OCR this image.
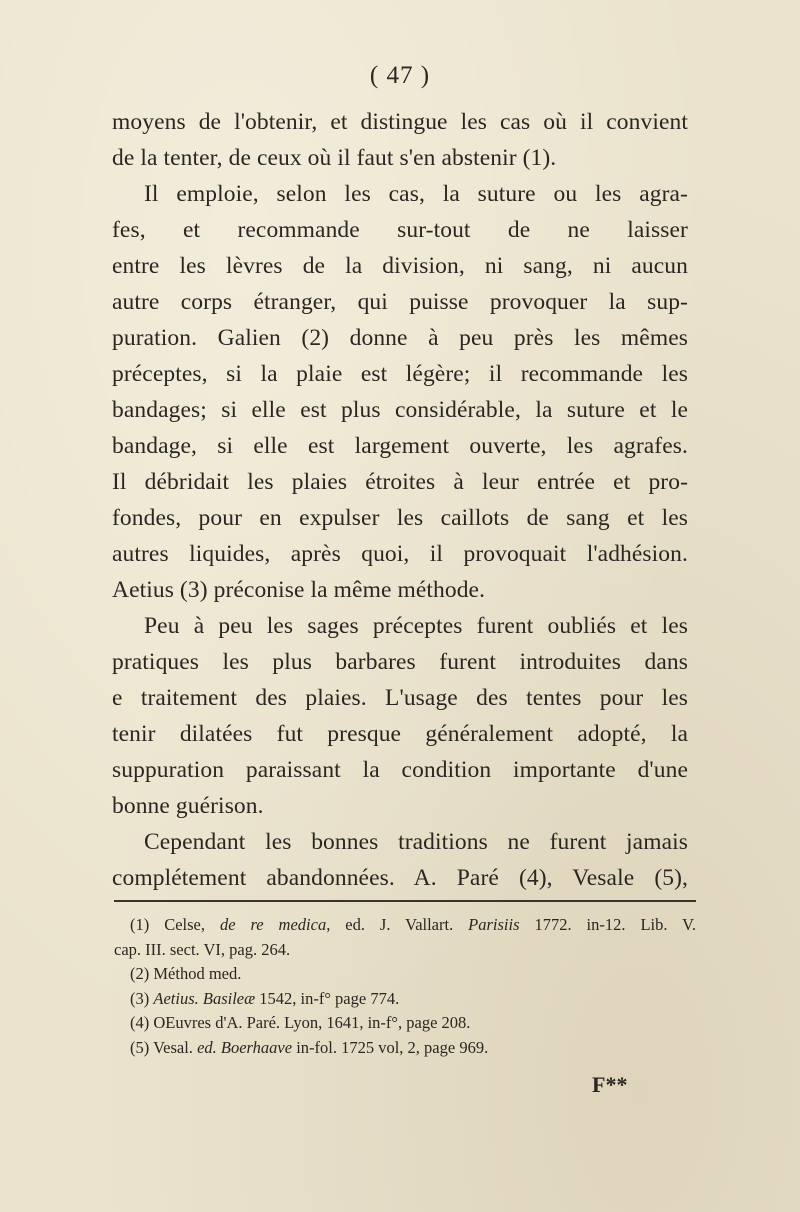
( 47 )
moyens de l'obtenir, et distingue les cas où il convient
de la tenter, de ceux où il faut s'en abstenir (1).
Il emploie, selon les cas, la suture ou les agra-
fes, et recommande sur-tout de ne laisser
entre les lèvres de la division, ni sang, ni aucun
autre corps étranger, qui puisse provoquer la sup-
puration. Galien (2) donne à peu près les mêmes
préceptes, si la plaie est légère; il recommande les
bandages; si elle est plus considérable, la suture et le
bandage, si elle est largement ouverte, les agrafes.
Il débridait les plaies étroites à leur entrée et pro-
fondes, pour en expulser les caillots de sang et les
autres liquides, après quoi, il provoquait l'adhésion.
Aetius (3) préconise la même méthode.
Peu à peu les sages préceptes furent oubliés et les
pratiques les plus barbares furent introduites dans
e traitement des plaies. L'usage des tentes pour les
tenir dilatées fut presque généralement adopté, la
suppuration paraissant la condition importante d'une
bonne guérison.
Cependant les bonnes traditions ne furent jamais
complétement abandonnées. A. Paré (4), Vesale (5),
(1) Celse, de re medica, ed. J. Vallart. Parisiis 1772. in-12. Lib. V.
cap. III. sect. VI, pag. 264.
(2) Méthod med.
(3) Aetius. Basileæ 1542, in-f° page 774.
(4) OEuvres d'A. Paré. Lyon, 1641, in-f°, page 208.
(5) Vesal. ed. Boerhaave in-fol. 1725 vol, 2, page 969.
F**
